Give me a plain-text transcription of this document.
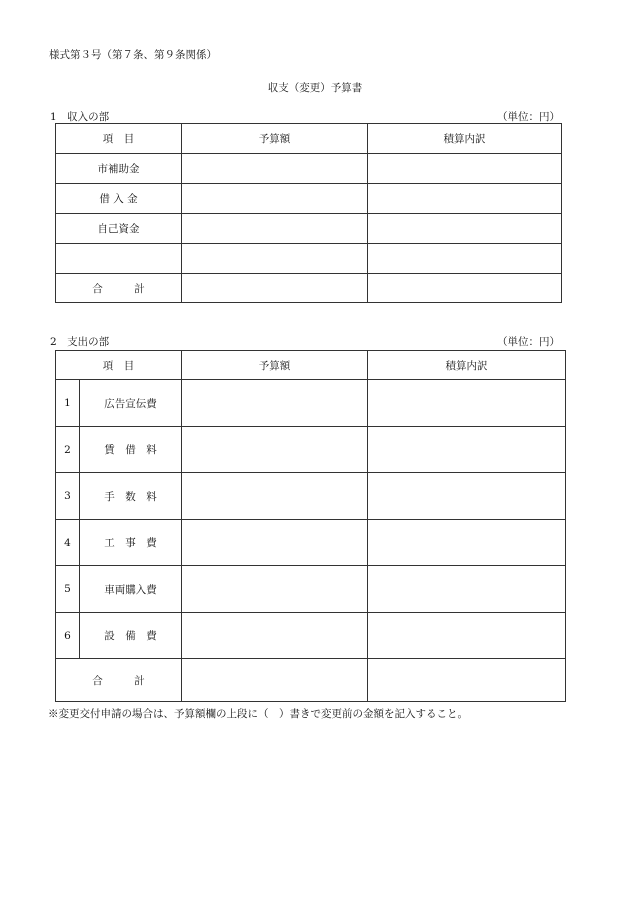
様式第３号（第７条、第９条関係）
収支（変更）予算書
1　収入の部	（単位：円）
項　目	予算額	積算内訳
市補助金		
借 入 金		
自己資金		

合　　　計		
2　支出の部	（単位：円）
項　目		予算額	積算内訳
1	広告宣伝費		
2	賃　借　料		
3	手　数　料		
4	工　事　費		
5	車両購入費		
6	設　備　費		
合　　　計			
※変更交付申請の場合は、予算額欄の上段に（　）書きで変更前の金額を記入すること。
